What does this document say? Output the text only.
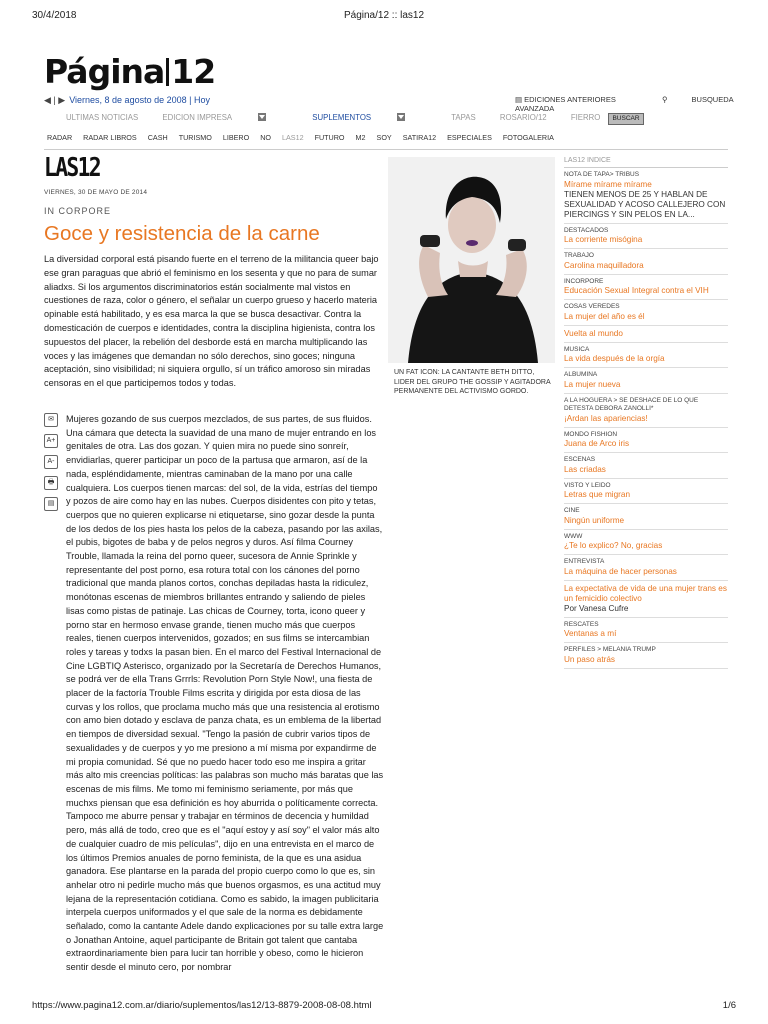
30/4/2018	Página/12 :: las12
Página 12
◀ | ▶ Viernes, 8 de agosto de 2008 | Hoy	▤ EDICIONES ANTERIORES	⚲	BUSQUEDA AVANZADA
ULTIMAS NOTICIAS	EDICION IMPRESA	SUPLEMENTOS	TAPAS	ROSARIO/12	FIERRO	BUSCAR
RADAR RADAR LIBROS CASH TURISMO LIBERO NO LAS12 FUTURO M2 SOY SATIRA12 ESPECIALES FOTOGALERIA
LAS12
VIERNES, 30 DE MAYO DE 2014
IN CORPORE
Goce y resistencia de la carne
La diversidad corporal está pisando fuerte en el terreno de la militancia queer bajo ese gran paraguas que abrió el feminismo en los sesenta y que no para de sumar aliadxs. Si los argumentos discriminatorios están socialmente mal vistos en cuestiones de raza, color o género, el señalar un cuerpo grueso y hacerlo materia opinable está habilitado, y es esa marca la que se busca desactivar. Contra la domesticación de cuerpos e identidades, contra la disciplina higienista, contra los supuestos del placer, la rebelión del desborde está en marcha multiplicando las voces y las imágenes que demandan no sólo derechos, sino goces; ninguna aceptación, sino visibilidad; ni siquiera orgullo, sí un tráfico amoroso sin miradas censoras en el que participemos todos y todas.
✉
A+
A-
🖶
▤
Mujeres gozando de sus cuerpos mezclados, de sus partes, de sus fluidos. Una cámara que detecta la suavidad de una mano de mujer entrando en los genitales de otra. Las dos gozan. Y quien mira no puede sino sonreír, envidiarlas, querer participar un poco de la partusa que armaron, así de la nada, espléndidamente, mientras caminaban de la mano por una calle cualquiera. Los cuerpos tienen marcas: del sol, de la vida, estrías del tiempo y pozos de aire como hay en las nubes. Cuerpos disidentes con pito y tetas, cuerpos que no quieren explicarse ni etiquetarse, sino gozar desde la punta de los dedos de los pies hasta los pelos de la cabeza, pasando por las axilas, el pubis, bigotes de baba y de pelos negros y duros. Así filma Courney Trouble, llamada la reina del porno queer, sucesora de Annie Sprinkle y representante del post porno, esa rotura total con los cánones del porno tradicional que manda planos cortos, conchas depiladas hasta la ridiculez, monótonas escenas de miembros brillantes entrando y saliendo de pieles lisas como pistas de patinaje. Las chicas de Courney, torta, icono queer y porno star en hermoso envase grande, tienen mucho más que cuerpos reales, tienen cuerpos intervenidos, gozados; en sus films se intercambian roles y tareas y todxs la pasan bien. En el marco del Festival Internacional de Cine LGBTIQ Asterisco, organizado por la Secretaría de Derechos Humanos, se podrá ver de ella Trans Grrrls: Revolution Porn Style Now!, una fiesta de placer de la factoría Trouble Films escrita y dirigida por esta diosa de las curvas y los rollos, que proclama mucho más que una resistencia al erotismo con amo bien dotado y esclava de panza chata, es un emblema de la libertad en tiempos de diversidad sexual. "Tengo la pasión de cubrir varios tipos de sexualidades y de cuerpos y yo me presiono a mí misma por expandirme de mi propia comunidad. Sé que no puedo hacer todo eso me inspira a gritar más alto mis creencias políticas: las palabras son mucho más baratas que las escenas de mis films. Me tomo mi feminismo seriamente, por más que muchxs piensan que esa definición es hoy aburrida o políticamente correcta. Tampoco me aburre pensar y trabajar en términos de decencia y humildad pero, más allá de todo, creo que es el "aquí estoy y así soy" el valor más alto de cualquier cuadro de mis películas", dijo en una entrevista en el marco de los últimos Premios anuales de porno feminista, de la que es una asidua ganadora. Ese plantarse en la parada del propio cuerpo como lo que es, sin anhelar otro ni pedirle mucho más que buenos orgasmos, es una actitud muy lejana de la representación cotidiana. Como es sabido, la imagen publicitaria interpela cuerpos uniformados y el que sale de la norma es debidamente señalado, como la cantante Adele dando explicaciones por su talle extra large o Jonathan Antoine, aquel participante de Britain got talent que cantaba extraordinariamente bien para lucir tan horrible y obeso, como le hicieron sentir desde el minuto cero, por nombrar
UN FAT ICON: LA CANTANTE BETH DITTO, LIDER DEL GRUPO THE GOSSIP Y AGITADORA PERMANENTE DEL ACTIVISMO GORDO.
LAS12 INDICE
NOTA DE TAPA> TRIBUS
Mírame mírame mírame
TIENEN MENOS DE 25 Y HABLAN DE SEXUALIDAD Y ACOSO CALLEJERO CON PIERCINGS Y SIN PELOS EN LA...
DESTACADOS
La corriente misógina
TRABAJO
Carolina maquilladora
INCORPORE
Educación Sexual Integral contra el VIH
COSAS VEREDES
La mujer del año es él
Vuelta al mundo
MUSICA
La vida después de la orgía
ALBUMINA
La mujer nueva
A LA HOGUERA > SE DESHACE DE LO QUE DETESTA DEBORA ZANOLLI*
¡Ardan las apariencias!
MONDO FISHION
Juana de Arco iris
ESCENAS
Las criadas
VISTO Y LEIDO
Letras que migran
CINE
Ningún uniforme
WWW
¿Te lo explico? No, gracias
ENTREVISTA
La máquina de hacer personas
La expectativa de vida de una mujer trans es un femicidio colectivo
Por Vanesa Cufre
RESCATES
Ventanas a mí
PERFILES > MELANIA TRUMP
Un paso atrás
https://www.pagina12.com.ar/diario/suplementos/las12/13-8879-2008-08-08.html	1/6
